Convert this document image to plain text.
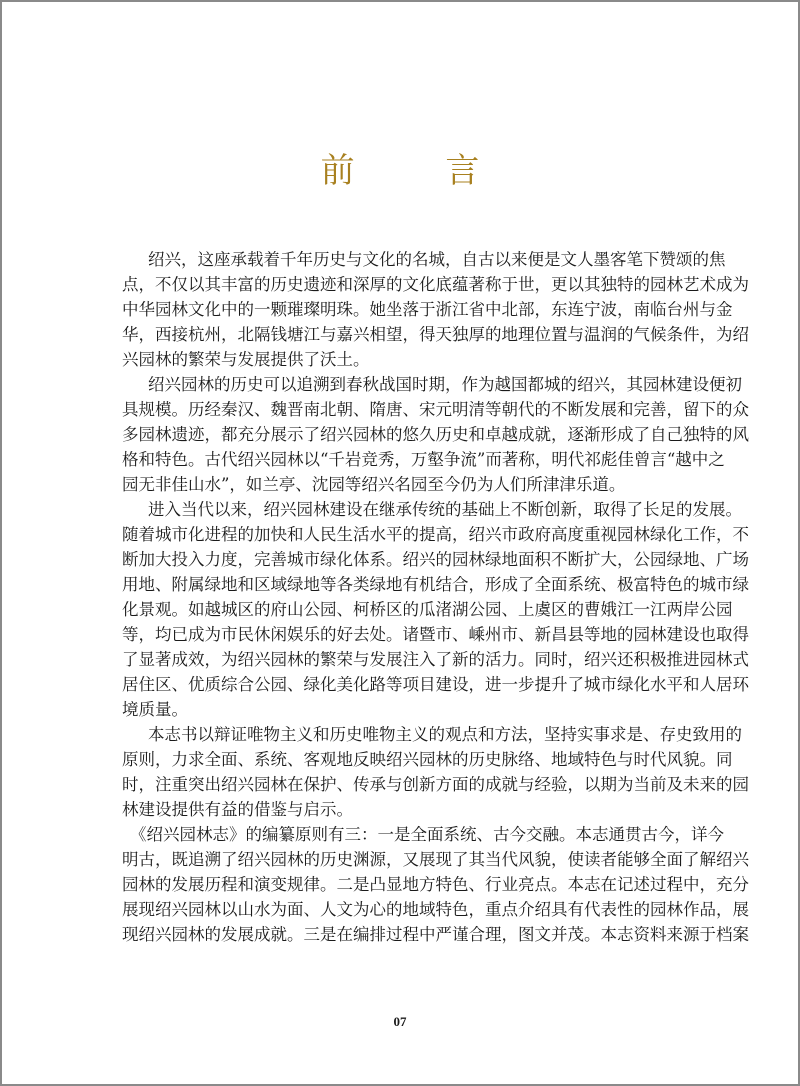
前 言
绍兴，这座承载着千年历史与文化的名城，自古以来便是文人墨客笔下赞颂的焦
点，不仅以其丰富的历史遗迹和深厚的文化底蕴著称于世，更以其独特的园林艺术成为
中华园林文化中的一颗璀璨明珠。她坐落于浙江省中北部，东连宁波，南临台州与金
华，西接杭州，北隔钱塘江与嘉兴相望，得天独厚的地理位置与温润的气候条件，为绍
兴园林的繁荣与发展提供了沃土。
绍兴园林的历史可以追溯到春秋战国时期，作为越国都城的绍兴，其园林建设便初
具规模。历经秦汉、魏晋南北朝、隋唐、宋元明清等朝代的不断发展和完善，留下的众
多园林遗迹，都充分展示了绍兴园林的悠久历史和卓越成就，逐渐形成了自己独特的风
格和特色。古代绍兴园林以“千岩竞秀，万壑争流”而著称，明代祁彪佳曾言“越中之
园无非佳山水”，如兰亭、沈园等绍兴名园至今仍为人们所津津乐道。
进入当代以来，绍兴园林建设在继承传统的基础上不断创新，取得了长足的发展。
随着城市化进程的加快和人民生活水平的提高，绍兴市政府高度重视园林绿化工作，不
断加大投入力度，完善城市绿化体系。绍兴的园林绿地面积不断扩大，公园绿地、广场
用地、附属绿地和区域绿地等各类绿地有机结合，形成了全面系统、极富特色的城市绿
化景观。如越城区的府山公园、柯桥区的瓜渚湖公园、上虞区的曹娥江一江两岸公园
等，均已成为市民休闲娱乐的好去处。诸暨市、嵊州市、新昌县等地的园林建设也取得
了显著成效，为绍兴园林的繁荣与发展注入了新的活力。同时，绍兴还积极推进园林式
居住区、优质综合公园、绿化美化路等项目建设，进一步提升了城市绿化水平和人居环
境质量。
本志书以辩证唯物主义和历史唯物主义的观点和方法，坚持实事求是、存史致用的
原则，力求全面、系统、客观地反映绍兴园林的历史脉络、地域特色与时代风貌。同
时，注重突出绍兴园林在保护、传承与创新方面的成就与经验，以期为当前及未来的园
林建设提供有益的借鉴与启示。
《绍兴园林志》的编纂原则有三：一是全面系统、古今交融。本志通贯古今，详今
明古，既追溯了绍兴园林的历史渊源，又展现了其当代风貌，使读者能够全面了解绍兴
园林的发展历程和演变规律。二是凸显地方特色、行业亮点。本志在记述过程中，充分
展现绍兴园林以山水为面、人文为心的地域特色，重点介绍具有代表性的园林作品，展
现绍兴园林的发展成就。三是在编排过程中严谨合理，图文并茂。本志资料来源于档案
07
